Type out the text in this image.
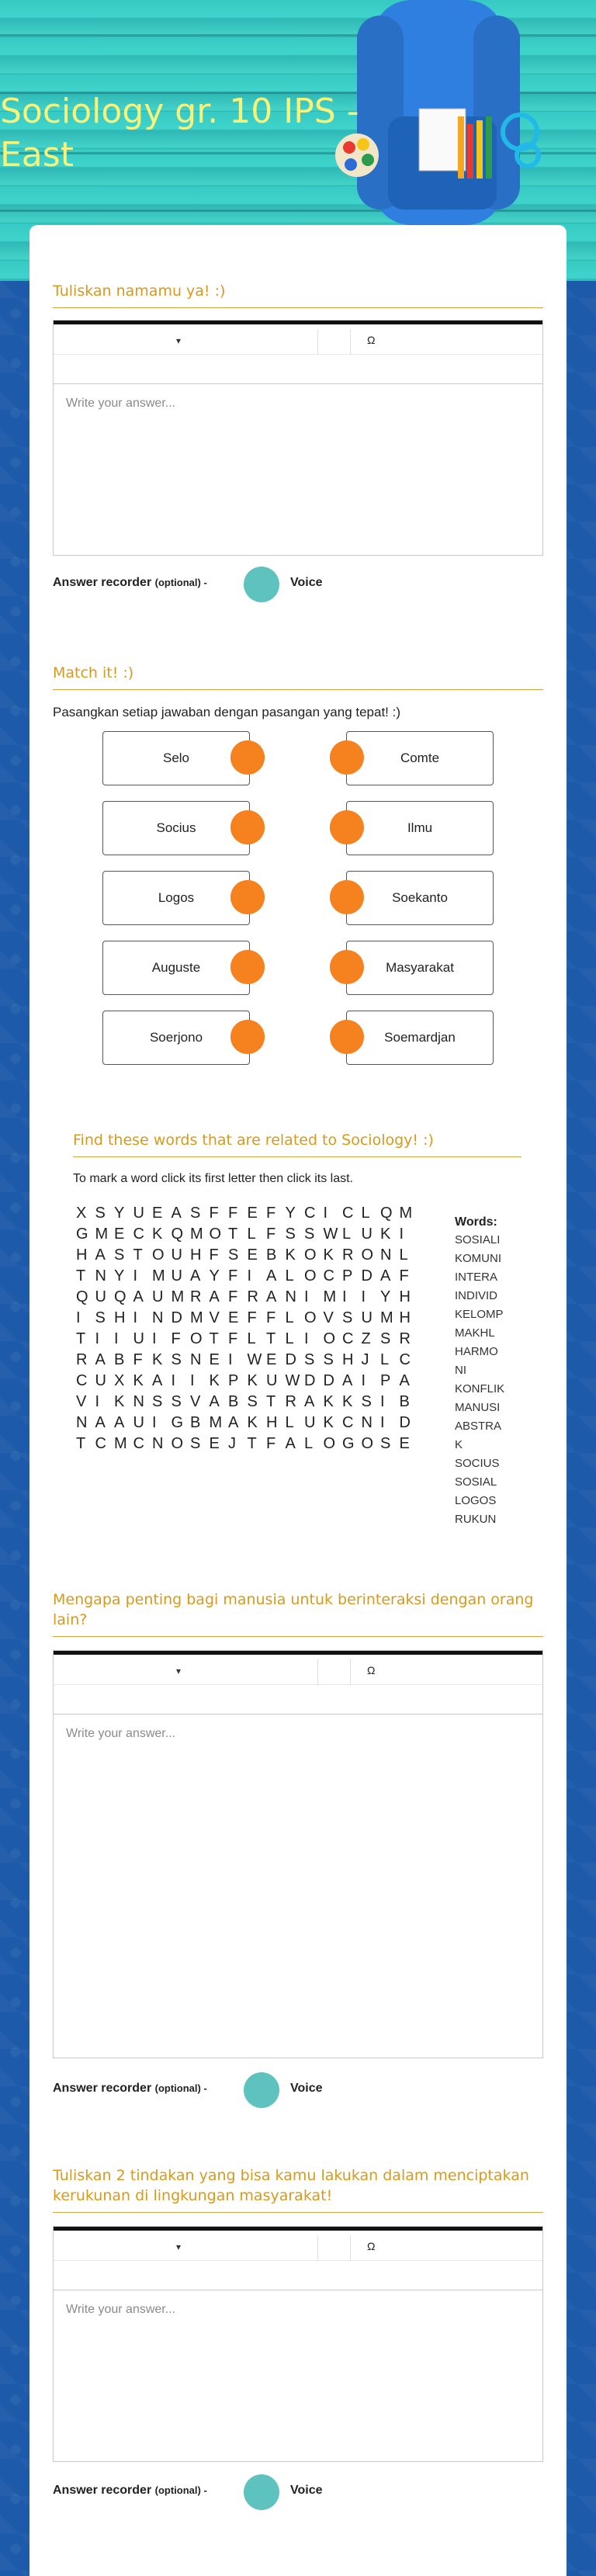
Sociology gr. 10 IPS - East
Tuliskan namamu ya! :)
▾	Ω
Write your answer...
Answer recorder (optional) -	Voice
Match it! :)
Pasangkan setiap jawaban dengan pasangan yang tepat! :)
Selo
Socius
Logos
Auguste
Soerjono
Comte
Ilmu
Soekanto
Masyarakat
Soemardjan
Find these words that are related to Sociology! :)
To mark a word click its first letter then click its last.
X S Y U E A S F F E F Y C I C L Q M
G M E C K Q M O T L F S S W L U K I
H A S T O U H F S E B K O K R O N L
T N Y I M U A Y F I A L O C P D A F
Q U Q A U M R A F R A N I M I I Y H
I S H I N D M V E F F L O V S U M H
T I I U I F O T F L T L I O C Z S R
R A B F K S N E I W E D S S H J L C
C U X K A I I K P K U W D D A I P A
V I K N S S V A B S T R A K K S I B
N A A U I G B M A K H L U K C N I D
T C M C N O S E J T F A L O G O S E
Words:
SOSIALI
KOMUNI
INTERA
INDIVID
KELOMP
MAKHL
HARMO
NI
KONFLIK
MANUSI
ABSTRA
K
SOCIUS
SOSIAL
LOGOS
RUKUN
Mengapa penting bagi manusia untuk berinteraksi dengan orang lain?
▾	Ω
Write your answer...
Answer recorder (optional) -	Voice
Tuliskan 2 tindakan yang bisa kamu lakukan dalam menciptakan kerukunan di lingkungan masyarakat!
▾	Ω
Write your answer...
Answer recorder (optional) -	Voice
